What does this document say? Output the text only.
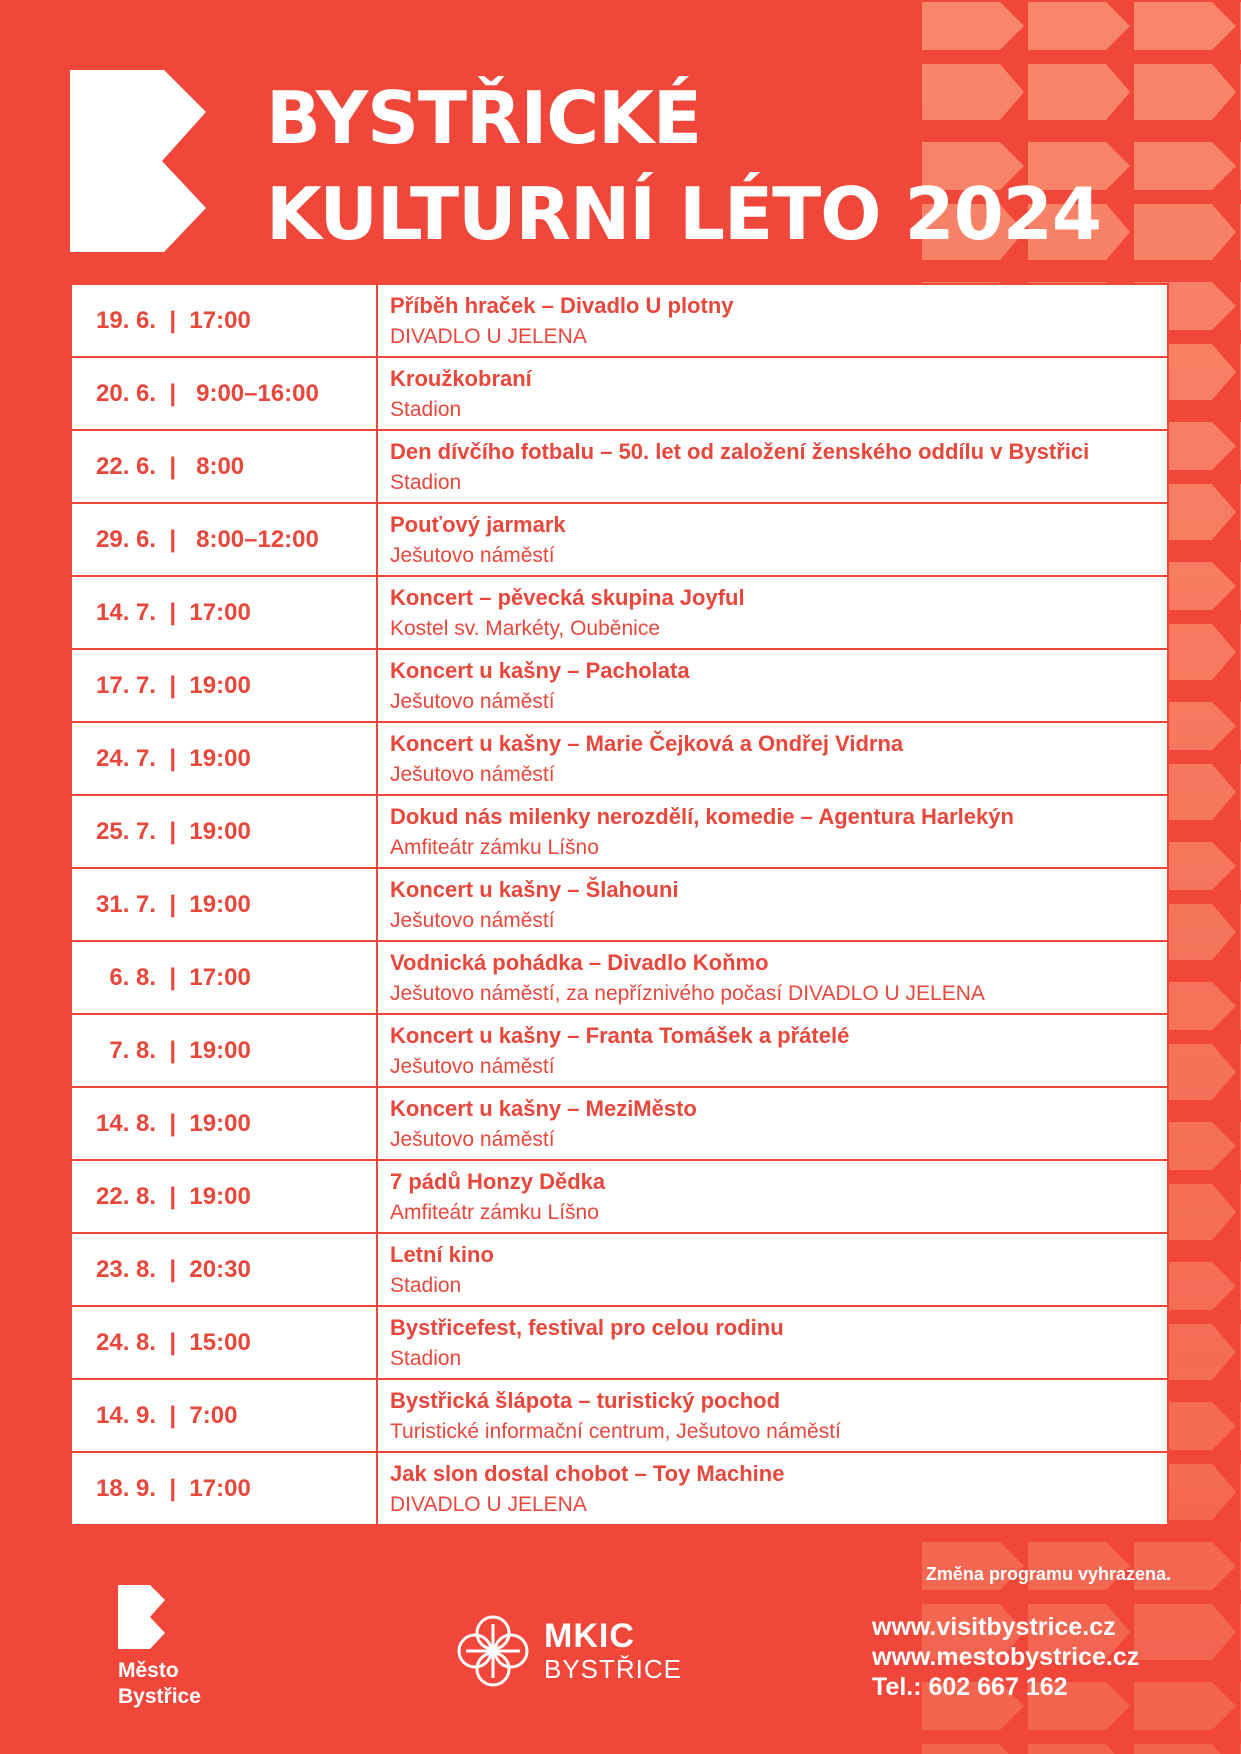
BYSTŘICKÉ
KULTURNÍ LÉTO 2024
19. 6.  |  17:00	Příběh hraček – Divadlo U plotny
DIVADLO U JELENA

20. 6.  |   9:00–16:00	Kroužkobraní
Stadion

22. 6.  |   8:00	Den dívčího fotbalu – 50. let od založení ženského oddílu v Bystřici
Stadion

29. 6.  |   8:00–12:00	Pouťový jarmark
Ješutovo náměstí

14. 7.  |  17:00	Koncert – pěvecká skupina Joyful
Kostel sv. Markéty, Ouběnice

17. 7.  |  19:00	Koncert u kašny – Pacholata
Ješutovo náměstí

24. 7.  |  19:00	Koncert u kašny – Marie Čejková a Ondřej Vidrna
Ješutovo náměstí

25. 7.  |  19:00	Dokud nás milenky nerozdělí, komedie – Agentura Harlekýn
Amfiteátr zámku Líšno

31. 7.  |  19:00	Koncert u kašny – Šlahouni
Ješutovo náměstí

6. 8.  |  17:00	Vodnická pohádka – Divadlo Koňmo
Ješutovo náměstí, za nepříznivého počasí DIVADLO U JELENA

7. 8.  |  19:00	Koncert u kašny – Franta Tomášek a přátelé
Ješutovo náměstí

14. 8.  |  19:00	Koncert u kašny – MeziMěsto
Ješutovo náměstí

22. 8.  |  19:00	7 pádů Honzy Dědka
Amfiteátr zámku Líšno

23. 8.  |  20:30	Letní kino
Stadion

24. 8.  |  15:00	Bystřicefest, festival pro celou rodinu
Stadion

14. 9.  |  7:00	Bystřická šlápota – turistický pochod
Turistické informační centrum, Ješutovo náměstí

18. 9.  |  17:00	Jak slon dostal chobot – Toy Machine
DIVADLO U JELENA
Změna programu vyhrazena.
Město
Bystřice
MKIC
BYSTŘICE
www.visitbystrice.cz
www.mestobystrice.cz
Tel.: 602 667 162
